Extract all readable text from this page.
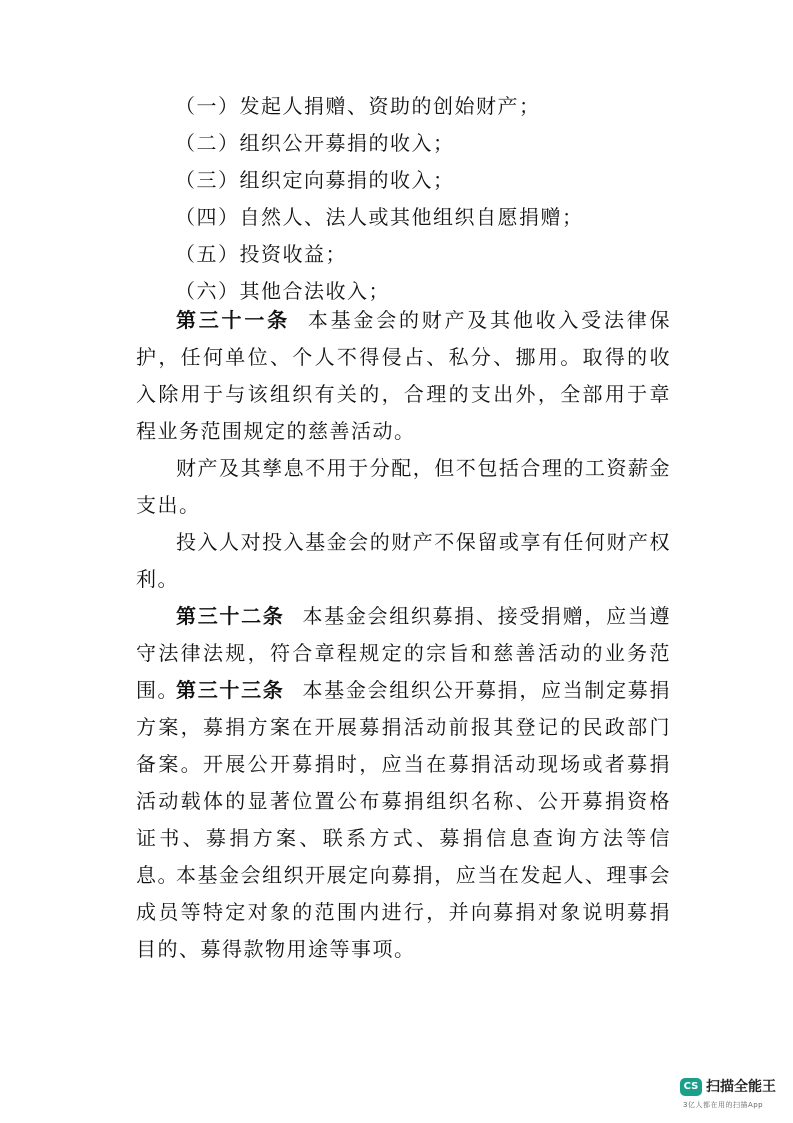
（一）发起人捐赠、资助的创始财产；
（二）组织公开募捐的收入；
（三）组织定向募捐的收入；
（四）自然人、法人或其他组织自愿捐赠；
（五）投资收益；
（六）其他合法收入；

第三十一条 本基金会的财产及其他收入受法律保护，任何单位、个人不得侵占、私分、挪用。取得的收入除用于与该组织有关的，合理的支出外，全部用于章程业务范围规定的慈善活动。

财产及其孳息不用于分配，但不包括合理的工资薪金支出。

投入人对投入基金会的财产不保留或享有任何财产权利。

第三十二条 本基金会组织募捐、接受捐赠，应当遵守法律法规，符合章程规定的宗旨和慈善活动的业务范围。

第三十三条 本基金会组织公开募捐，应当制定募捐方案，募捐方案在开展募捐活动前报其登记的民政部门备案。开展公开募捐时，应当在募捐活动现场或者募捐活动载体的显著位置公布募捐组织名称、公开募捐资格证书、募捐方案、联系方式、募捐信息查询方法等信息。

本基金会组织开展定向募捐，应当在发起人、理事会成员等特定对象的范围内进行，并向募捐对象说明募捐目的、募得款物用途等事项。

CS 扫描全能王
3亿人都在用的扫描App
